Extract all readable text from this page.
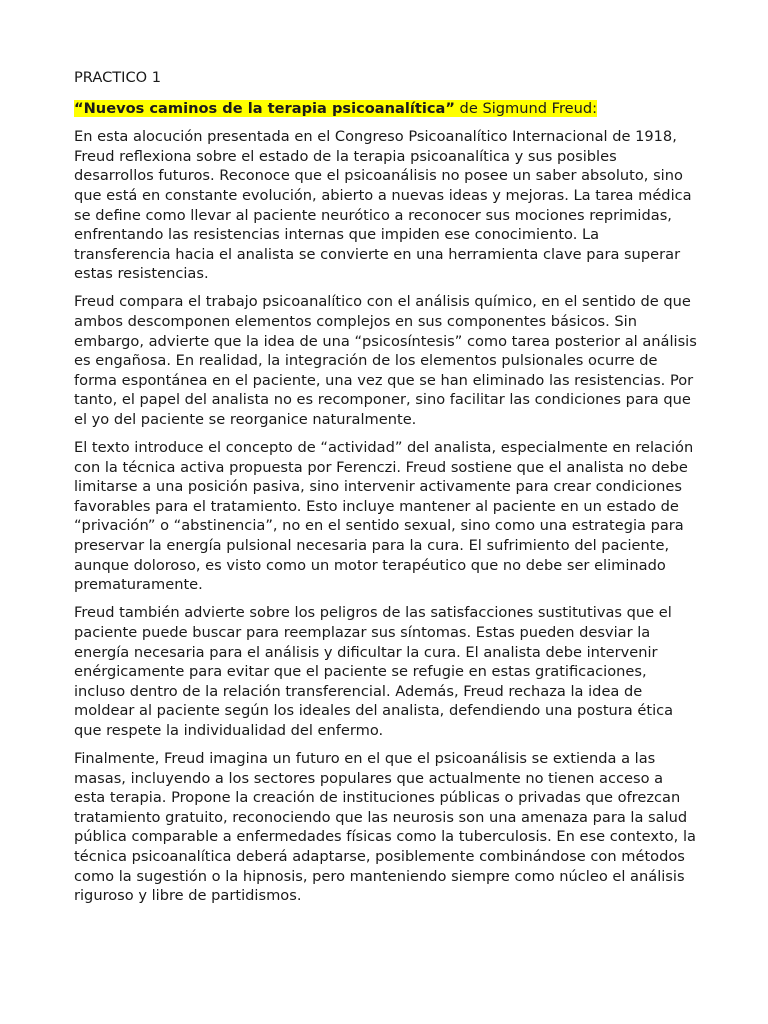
PRACTICO 1
“Nuevos caminos de la terapia psicoanalítica” de Sigmund Freud:

En esta alocución presentada en el Congreso Psicoanalítico Internacional de 1918, Freud reflexiona sobre el estado de la terapia psicoanalítica y sus posibles desarrollos futuros. Reconoce que el psicoanálisis no posee un saber absoluto, sino que está en constante evolución, abierto a nuevas ideas y mejoras. La tarea médica se define como llevar al paciente neurótico a reconocer sus mociones reprimidas, enfrentando las resistencias internas que impiden ese conocimiento. La transferencia hacia el analista se convierte en una herramienta clave para superar estas resistencias.

Freud compara el trabajo psicoanalítico con el análisis químico, en el sentido de que ambos descomponen elementos complejos en sus componentes básicos. Sin embargo, advierte que la idea de una “psicosíntesis” como tarea posterior al análisis es engañosa. En realidad, la integración de los elementos pulsionales ocurre de forma espontánea en el paciente, una vez que se han eliminado las resistencias. Por tanto, el papel del analista no es recomponer, sino facilitar las condiciones para que el yo del paciente se reorganice naturalmente.

El texto introduce el concepto de “actividad” del analista, especialmente en relación con la técnica activa propuesta por Ferenczi. Freud sostiene que el analista no debe limitarse a una posición pasiva, sino intervenir activamente para crear condiciones favorables para el tratamiento. Esto incluye mantener al paciente en un estado de “privación” o “abstinencia”, no en el sentido sexual, sino como una estrategia para preservar la energía pulsional necesaria para la cura. El sufrimiento del paciente, aunque doloroso, es visto como un motor terapéutico que no debe ser eliminado prematuramente.

Freud también advierte sobre los peligros de las satisfacciones sustitutivas que el paciente puede buscar para reemplazar sus síntomas. Estas pueden desviar la energía necesaria para el análisis y dificultar la cura. El analista debe intervenir enérgicamente para evitar que el paciente se refugie en estas gratificaciones, incluso dentro de la relación transferencial. Además, Freud rechaza la idea de moldear al paciente según los ideales del analista, defendiendo una postura ética que respete la individualidad del enfermo.

Finalmente, Freud imagina un futuro en el que el psicoanálisis se extienda a las masas, incluyendo a los sectores populares que actualmente no tienen acceso a esta terapia. Propone la creación de instituciones públicas o privadas que ofrezcan tratamiento gratuito, reconociendo que las neurosis son una amenaza para la salud pública comparable a enfermedades físicas como la tuberculosis. En ese contexto, la técnica psicoanalítica deberá adaptarse, posiblemente combinándose con métodos como la sugestión o la hipnosis, pero manteniendo siempre como núcleo el análisis riguroso y libre de partidismos.
